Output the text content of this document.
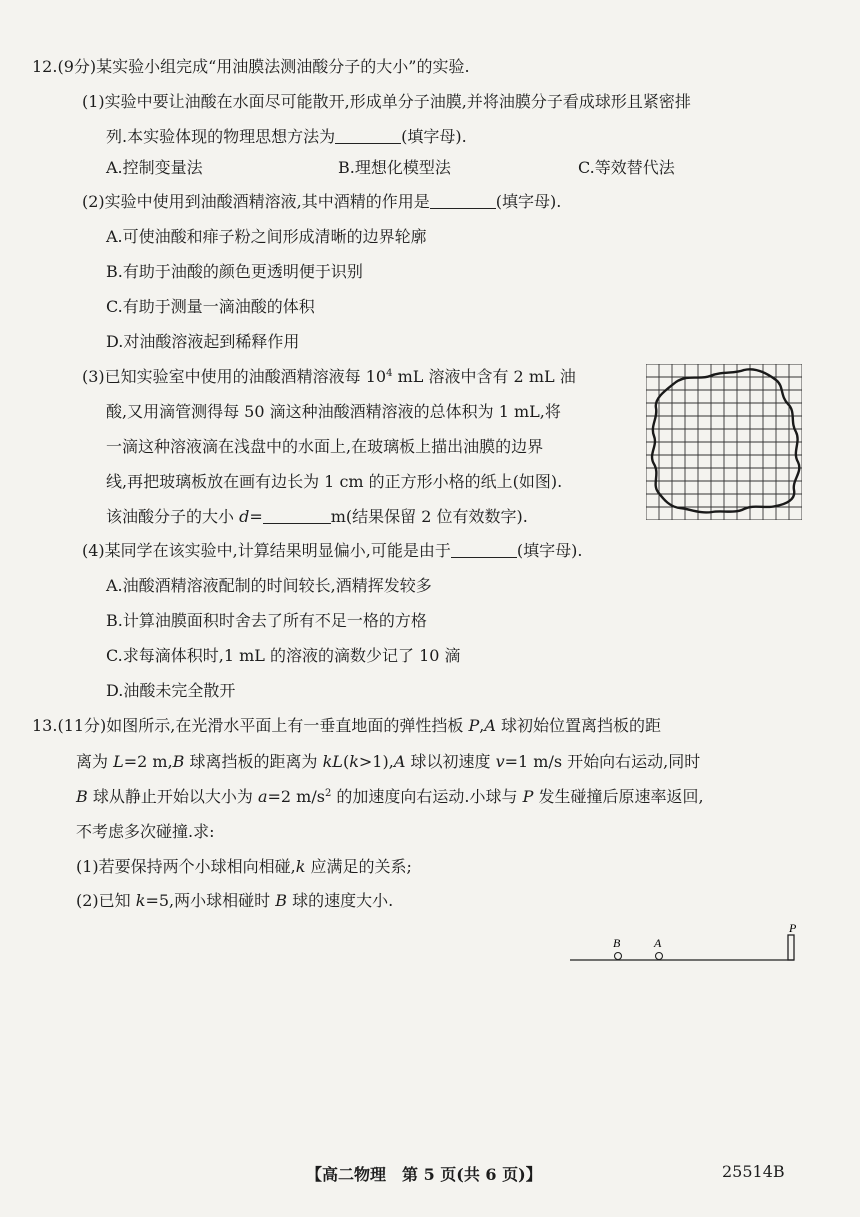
12.(9分)某实验小组完成“用油膜法测油酸分子的大小”的实验.
(1)实验中要让油酸在水面尽可能散开,形成单分子油膜,并将油膜分子看成球形且紧密排
列.本实验体现的物理思想方法为	(填字母).
A.控制变量法	B.理想化模型法	C.等效替代法
(2)实验中使用到油酸酒精溶液,其中酒精的作用是	(填字母).
A.可使油酸和痱子粉之间形成清晰的边界轮廓
B.有助于油酸的颜色更透明便于识别
C.有助于测量一滴油酸的体积
D.对油酸溶液起到稀释作用
(3)已知实验室中使用的油酸酒精溶液每 $10^4$ mL 溶液中含有 2 mL 油
酸,又用滴管测得每 50 滴这种油酸酒精溶液的总体积为 1 mL,将
一滴这种溶液滴在浅盘中的水面上,在玻璃板上描出油膜的边界
线,再把玻璃板放在画有边长为 1 cm 的正方形小格的纸上(如图).
该油酸分子的大小 d=	m(结果保留 2 位有效数字).
(4)某同学在该实验中,计算结果明显偏小,可能是由于	(填字母).
A.油酸酒精溶液配制的时间较长,酒精挥发较多
B.计算油膜面积时舍去了所有不足一格的方格
C.求每滴体积时,1 mL 的溶液的滴数少记了 10 滴
D.油酸未完全散开
13.(11分)如图所示,在光滑水平面上有一垂直地面的弹性挡板 P,A 球初始位置离挡板的距
离为 L=2 m,B 球离挡板的距离为 kL(k>1),A 球以初速度 v=1 m/s 开始向右运动,同时
B 球从静止开始以大小为 a=2 $m/s^2$ 的加速度向右运动.小球与 P 发生碰撞后原速率返回,
不考虑多次碰撞.求:
(1)若要保持两个小球相向相碰,k 应满足的关系;
(2)已知 k=5,两小球相碰时 B 球的速度大小.
B	A
P
【高二物理　第 5 页(共 6 页)】	25514B
